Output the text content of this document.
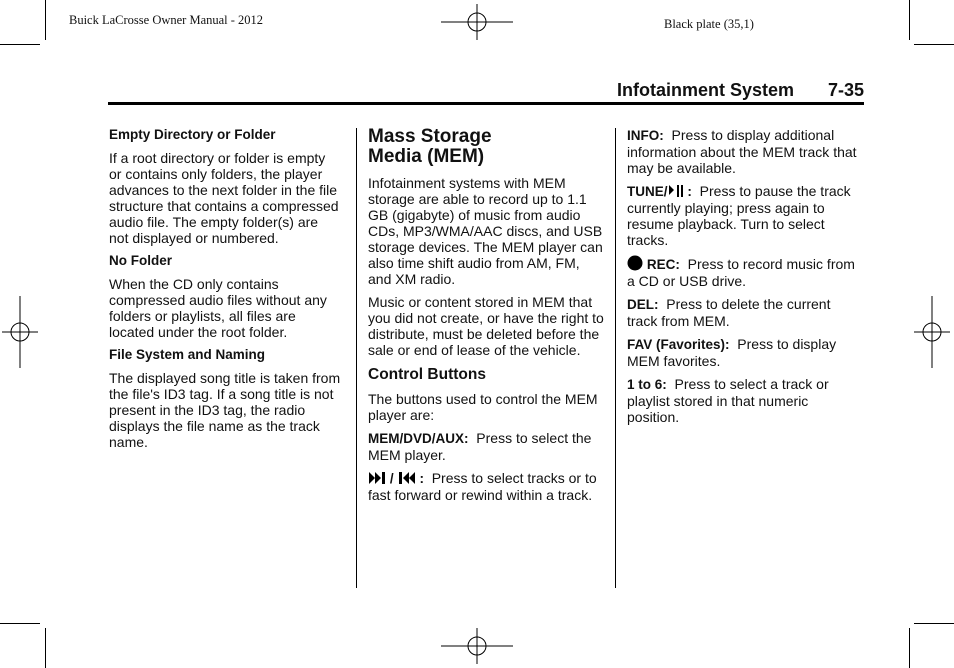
Buick LaCrosse Owner Manual - 2012	Black plate (35,1)
Infotainment System 7-35
Empty Directory or Folder

If a root directory or folder is empty or contains only folders, the player advances to the next folder in the file structure that contains a compressed audio file. The empty folder(s) are not displayed or numbered.

No Folder

When the CD only contains compressed audio files without any folders or playlists, all files are located under the root folder.

File System and Naming

The displayed song title is taken from the file's ID3 tag. If a song title is not present in the ID3 tag, the radio displays the file name as the track name.

Mass Storage
Media (MEM)

Infotainment systems with MEM storage are able to record up to 1.1 GB (gigabyte) of music from audio CDs, MP3/WMA/AAC discs, and USB storage devices. The MEM player can also time shift audio from AM, FM, and XM radio.

Music or content stored in MEM that you did not create, or have the right to distribute, must be deleted before the sale or end of lease of the vehicle.

Control Buttons

The buttons used to control the MEM player are:

MEM/DVD/AUX: Press to select the MEM player.

/ : Press to select tracks or to fast forward or rewind within a track.

INFO: Press to display additional information about the MEM track that may be available.

TUNE/ : Press to pause the track currently playing; press again to resume playback. Turn to select tracks.

REC: Press to record music from a CD or USB drive.

DEL: Press to delete the current track from MEM.

FAV (Favorites): Press to display MEM favorites.

1 to 6: Press to select a track or playlist stored in that numeric position.
